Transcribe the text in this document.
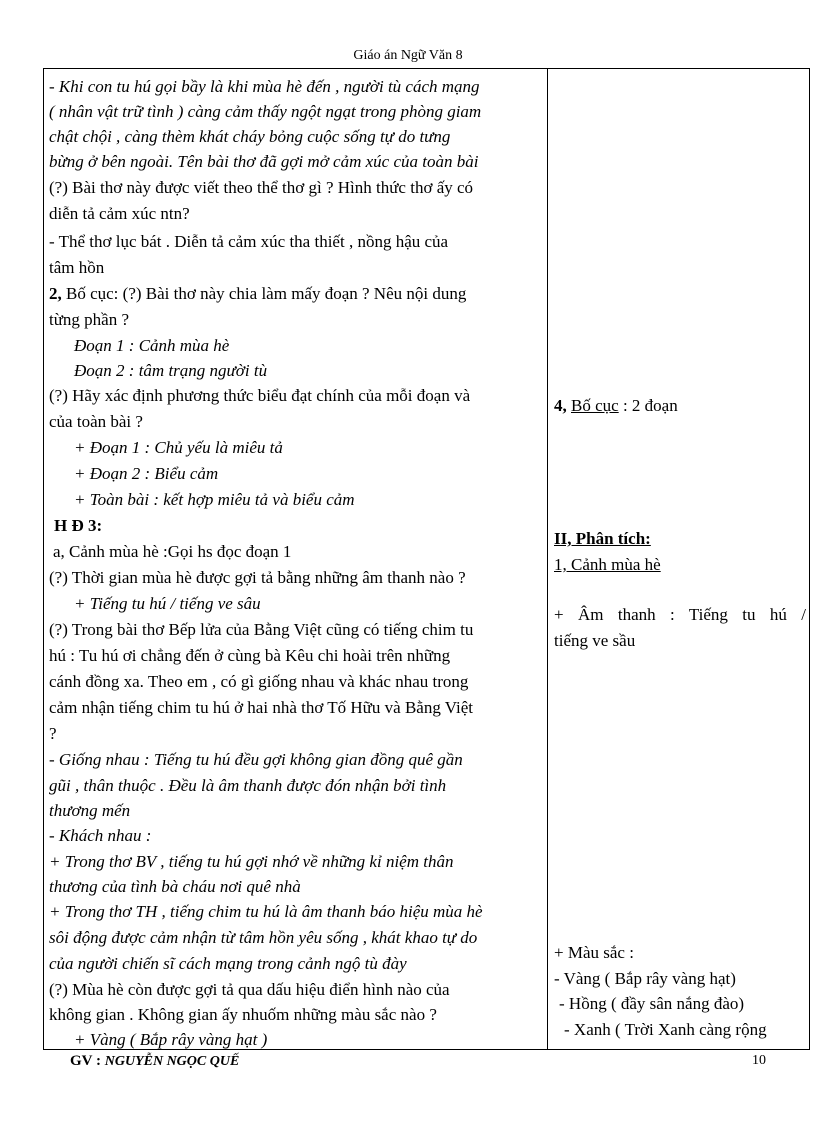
Giáo án Ngữ Văn 8
- Khi con tu hú gọi bầy là khi mùa hè đến , người tù cách mạng
( nhân vật trữ tình ) càng cảm thấy ngột ngạt trong phòng giam
chật chội , càng thèm khát cháy bỏng cuộc sống tự do tưng
bừng ở bên ngoài. Tên bài thơ đã gợi mở cảm xúc của toàn bài
(?) Bài thơ này được viết theo thể thơ gì ? Hình thức thơ ấy có
diễn tả cảm xúc ntn?
- Thể thơ lục bát . Diễn tả cảm xúc tha thiết , nồng hậu của
tâm hồn
2, Bố cục: (?) Bài thơ này chia làm mấy đoạn ? Nêu nội dung
từng phần ?
Đoạn 1 : Cảnh mùa hè
Đoạn 2 : tâm trạng người tù
(?) Hãy xác định phương thức biểu đạt chính của mỗi đoạn và
của toàn bài ?
+ Đoạn 1 : Chủ yếu là miêu tả
+ Đoạn 2 : Biểu cảm
+ Toàn bài : kết hợp miêu tả và biểu cảm
H Đ 3:
a, Cảnh mùa hè :Gọi hs đọc đoạn 1
(?) Thời gian mùa hè được gợi tả bằng những âm thanh nào ?
+ Tiếng tu hú / tiếng ve sâu
(?) Trong bài thơ Bếp lửa của Bằng Việt cũng có tiếng chim tu
hú : Tu hú ơi chẳng đến ở cùng bà Kêu chi hoài trên những
cánh đồng xa. Theo em , có gì giống nhau và khác nhau trong
cảm nhận tiếng chim tu hú ở hai nhà thơ Tố Hữu và Bằng Việt
?
- Giống nhau : Tiếng tu hú đều gợi không gian đồng quê gần
gũi , thân thuộc . Đều là âm thanh được đón nhận bởi tình
thương mến
- Khách nhau :
+ Trong thơ BV , tiếng tu hú gợi nhớ về những kỉ niệm thân
thương của tình bà cháu nơi quê nhà
+ Trong thơ TH , tiếng chim tu hú là âm thanh báo hiệu mùa hè
sôi động được cảm nhận từ tâm hồn yêu sống , khát khao tự do
của người chiến sĩ cách mạng trong cảnh ngộ tù đày
(?) Mùa hè còn được gợi tả qua dấu hiệu điển hình nào của
không gian . Không gian ấy nhuốm những màu sắc nào ?
+ Vàng ( Bắp rây vàng hạt )
4, Bố cục : 2 đoạn
II, Phân tích:
1, Cảnh mùa hè
+ Âm thanh : Tiếng tu hú /
tiếng ve sầu
+ Màu sắc :
- Vàng ( Bắp rây vàng hạt)
- Hồng ( đầy sân nắng đào)
- Xanh ( Trời Xanh càng rộng
GV : NGUYỄN NGỌC QUẾ	10
